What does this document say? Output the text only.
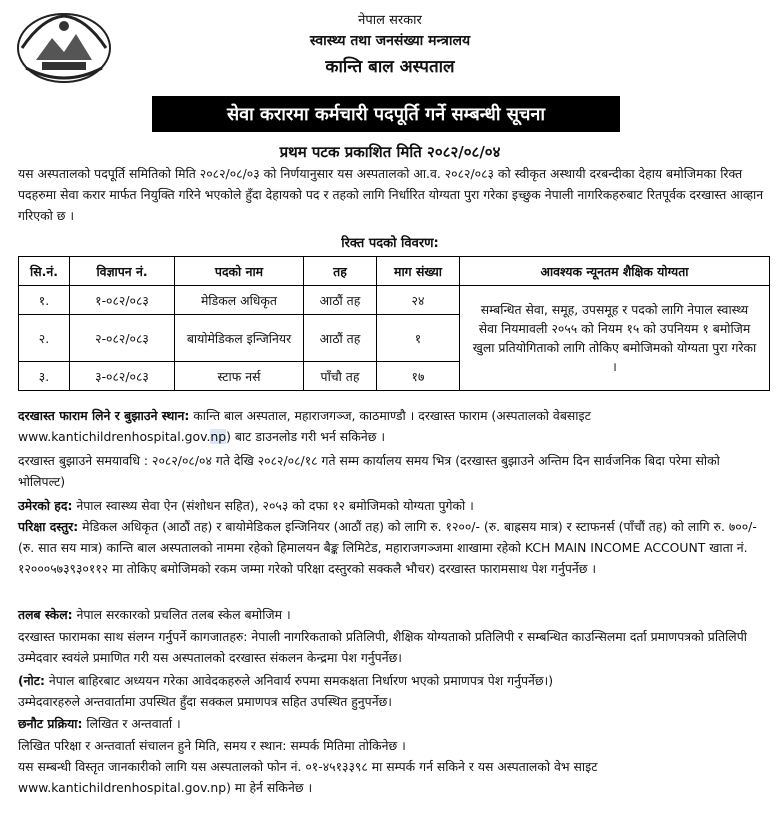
नेपाल सरकार
स्वास्थ्य तथा जनसंख्या मन्त्रालय
कान्ति बाल अस्पताल
सेवा करारमा कर्मचारी पदपूर्ति गर्ने सम्बन्धी सूचना
प्रथम पटक प्रकाशित मिति २०८२/०८/०४
यस अस्पतालको पदपूर्ति समितिको मिति २०८२/०८/०३ को निर्णयानुसार यस अस्पतालको आ.व. २०८२/०८३ को स्वीकृत अस्थायी दरबन्दीका देहाय बमोजिमका रिक्त पदहरुमा सेवा करार मार्फत नियुक्ति गरिने भएकोले हुँदा देहायको पद र तहको लागि निर्धारित योग्यता पुरा गरेका इच्छुक नेपाली नागरिकहरुबाट रितपूर्वक दरखास्त आव्हान गरिएको छ ।
रिक्त पदको विवरण:
सि.नं.	विज्ञापन नं.	पदको नाम	तह	माग संख्या	आवश्यक न्यूनतम शैक्षिक योग्यता
१.	१-०८२/०८३	मेडिकल अधिकृत	आठौं तह	२४	सम्बन्धित सेवा, समूह, उपसमूह र पदको लागि नेपाल स्वास्थ्य सेवा नियमावली २०५५ को नियम १५ को उपनियम १ बमोजिम खुला प्रतियोगिताको लागि तोकिए बमोजिमको योग्यता पुरा गरेका ।
२.	२-०८२/०८३	बायोमेडिकल इन्जिनियर	आठौं तह	१	
३.	३-०८२/०८३	स्टाफ नर्स	पाँचौ तह	१७	
दरखास्त फाराम लिने र बुझाउने स्थान: कान्ति बाल अस्पताल, महाराजगञ्ज, काठमाण्डौ । दरखास्त फाराम (अस्पतालको वेबसाइट www.kantichildrenhospital.gov.np) बाट डाउनलोड गरी भर्न सकिनेछ ।
दरखास्त बुझाउने समयावधि : २०८२/०८/०४ गते देखि २०८२/०८/१८ गते सम्म कार्यालय समय भित्र (दरखास्त बुझाउने अन्तिम दिन सार्वजनिक बिदा परेमा सोको भोलिपल्ट)
उमेरको हद: नेपाल स्वास्थ्य सेवा ऐन (संशोधन सहित), २०५३ को दफा १२ बमोजिमको योग्यता पुगेको ।
परिक्षा दस्तुर: मेडिकल अधिकृत (आठौं तह) र बायोमेडिकल इन्जिनियर (आठौं तह) को लागि रु. १२००/- (रु. बाह्रसय मात्र) र स्टाफनर्स (पाँचौं तह) को लागि रु. ७००/- (रु. सात सय मात्र) कान्ति बाल अस्पतालको नाममा रहेको हिमालयन बैङ्क लिमिटेड, महाराजगञ्जमा शाखामा रहेको KCH MAIN INCOME ACCOUNT खाता नं. १२०००५७३९३०११२ मा तोकिए बमोजिमको रकम जम्मा गरेको परिक्षा दस्तुरको सक्कलै भौचर) दरखास्त फारामसाथ पेश गर्नुपर्नेछ ।
तलब स्केल: नेपाल सरकारको प्रचलित तलब स्केल बमोजिम ।
दरखास्त फारामका साथ संलग्न गर्नुपर्ने कागजातहरु: नेपाली नागरिकताको प्रतिलिपी, शैक्षिक योग्यताको प्रतिलिपी र सम्बन्धित काउन्सिलमा दर्ता प्रमाणपत्रको प्रतिलिपी उम्मेदवार स्वयंले प्रमाणित गरी यस अस्पतालको दरखास्त संकलन केन्द्रमा पेश गर्नुपर्नेछ।
(नोट: नेपाल बाहिरबाट अध्ययन गरेका आवेदकहरुले अनिवार्य रुपमा समकक्षता निर्धारण भएको प्रमाणपत्र पेश गर्नुपर्नेछ।)
उम्मेदवारहरुले अन्तवार्तामा उपस्थित हुँदा सक्कल प्रमाणपत्र सहित उपस्थित हुनुपर्नेछ।
छनौट प्रक्रिया: लिखित र अन्तवार्ता ।
लिखित परिक्षा र अन्तवार्ता संचालन हुने मिति, समय र स्थान: सम्पर्क मितिमा तोकिनेछ ।
यस सम्बन्धी विस्तृत जानकारीको लागि यस अस्पतालको फोन नं. ०१-४५१३३९८ मा सम्पर्क गर्न सकिने र यस अस्पतालको वेभ साइट www.kantichildrenhospital.gov.np) मा हेर्न सकिनेछ ।
